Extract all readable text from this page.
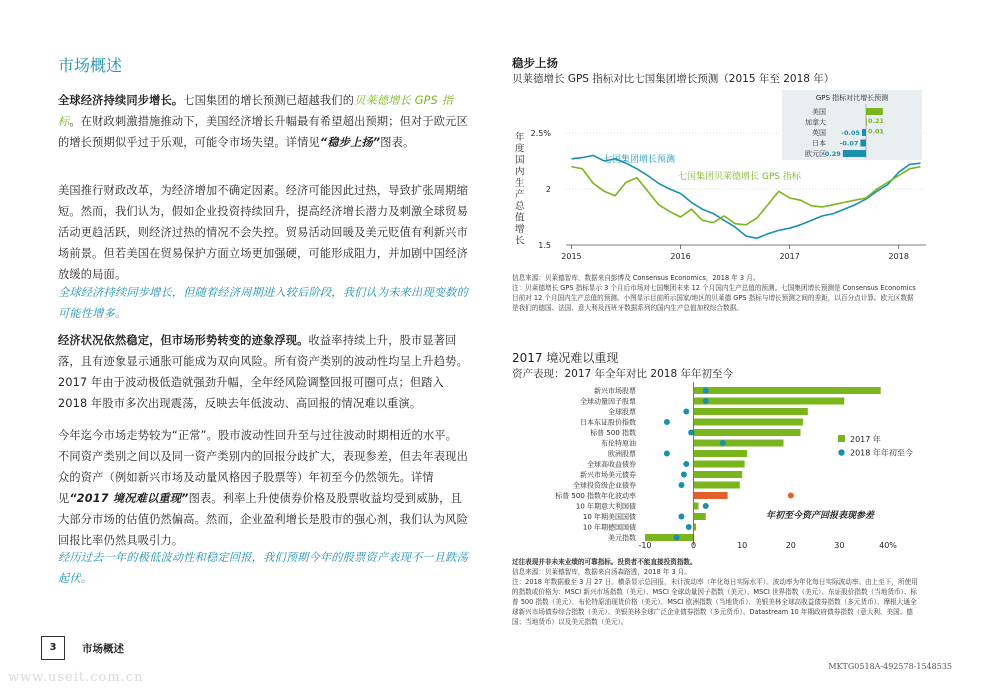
市场概述
全球经济持续同步增长。七国集团的增长预测已超越我们的贝莱德增长 GPS 指标。在财政刺激措施推动下，美国经济增长升幅最有希望超出预期；但对于欧元区的增长预期似乎过于乐观，可能令市场失望。详情见“稳步上扬”图表。
美国推行财政改革，为经济增加不确定因素。经济可能因此过热，导致扩张周期缩短。然而，我们认为，假如企业投资持续回升，提高经济增长潜力及刺激全球贸易活动更趋活跃，则经济过热的情况不会失控。贸易活动回暖及美元贬值有利新兴市场前景。但若美国在贸易保护方面立场更加强硬，可能形成阻力，并加剧中国经济放缓的局面。
全球经济持续同步增长，但随着经济周期进入较后阶段，我们认为未来出现变数的可能性增多。
经济状况依然稳定，但市场形势转变的迹象浮现。收益率持续上升，股市显著回落，且有迹象显示通胀可能成为双向风险。所有资产类别的波动性均呈上升趋势。2017 年由于波动极低造就强劲升幅，全年经风险调整回报可圈可点；但踏入 2018 年股市多次出现震荡，反映去年低波动、高回报的情况难以重演。
今年迄今市场走势较为“正常”。股市波动性回升至与过往波动时期相近的水平。不同资产类别之间以及同一资产类别内的回报分歧扩大，表现参差，但去年表现出众的资产（例如新兴市场及动量风格因子股票等）年初至今仍然领先。详情见“2017 境况难以重现”图表。利率上升使债券价格及股票收益均受到威胁，且大部分市场的估值仍然偏高。然而，企业盈利增长是股市的强心剂，我们认为风险回报比率仍然具吸引力。
经历过去一年的极低波动性和稳定回报，我们预期今年的股票资产表现不一且跌荡起伏。
稳步上扬
贝莱德增长 GPS 指标对比七国集团增长预测（2015 年至 2018 年）
年
度
国
内
生
产
总
值
增
长 1.5
2
2.5%
2015	2016	2017	2018
七国集团增长预测
七国集团贝莱德增长 GPS 指标
GPS 指标对比增长预测
美国
0.21
加拿大
0.01
英国 -0.05
日本 -0.07
欧元区
-0.29
信息来源：贝莱德智库，数据来自彭博及 Consensus Economics，2018 年 3 月。
注：贝莱德增长 GPS 指标显示 3 个月后市场对七国集团未来 12 个月国内生产总值的预测。七国集团增长预测是 Consensus Economics 目前对 12 个月国内生产总值的预测。小图显示目前所示国家/地区的贝莱德 GPS 指标与增长预测之间的差距，以百分点计算。欧元区数据是我们的德国、法国、意大利及西班牙数据系列的国内生产总值加权综合数据。
2017 境况难以重现
资产表现：2017 年全年对比 2018 年年初至今
新兴市场股票
全球动量因子股票
全球股票
日本东证股价指数
标普 500 指数
布伦特原油
欧洲股票
全球高收益债券
新兴市场美元债券
全球投资级企业债券
标普 500 指数年化波动率
10 年期意大利国债
10 年期美国国债
10 年期德国国债
美元指数
-10	0	10	20	30	40%
2017 年
2018 年年初至今
年初至今资产回报表现参差
过往表现并非未来业绩的可靠指标。投资者不能直接投资指数。
信息来源：贝莱德智库，数据来自汤森路透，2018 年 3 月。
注：2018 年数据截至 3 月 27 日。横条显示总回报，未计波动率（年化每日实际水平）。波动率为年化每日实际波动率。由上至下，所使用的指数或价格为：MSCI 新兴市场指数（美元）、MSCI 全球动量因子指数（美元）、MSCI 世界指数（美元）、东证股价指数（当地货币）、标普 500 指数（美元）、布伦特原油现货价格（美元）、MSCI 欧洲指数（当地货币）、美银美林全球高收益债券指数（多元货币）、摩根大通全球新兴市场债券综合指数（美元）、美银美林全球广泛企业债券指数（多元货币）、Datastream 10 年期政府债券指数（意大利、美国、德国；当地货币）以及美元指数（美元）。
3	市场概述
MKTG0518A-492578-1548535
www.useit.com.cn
